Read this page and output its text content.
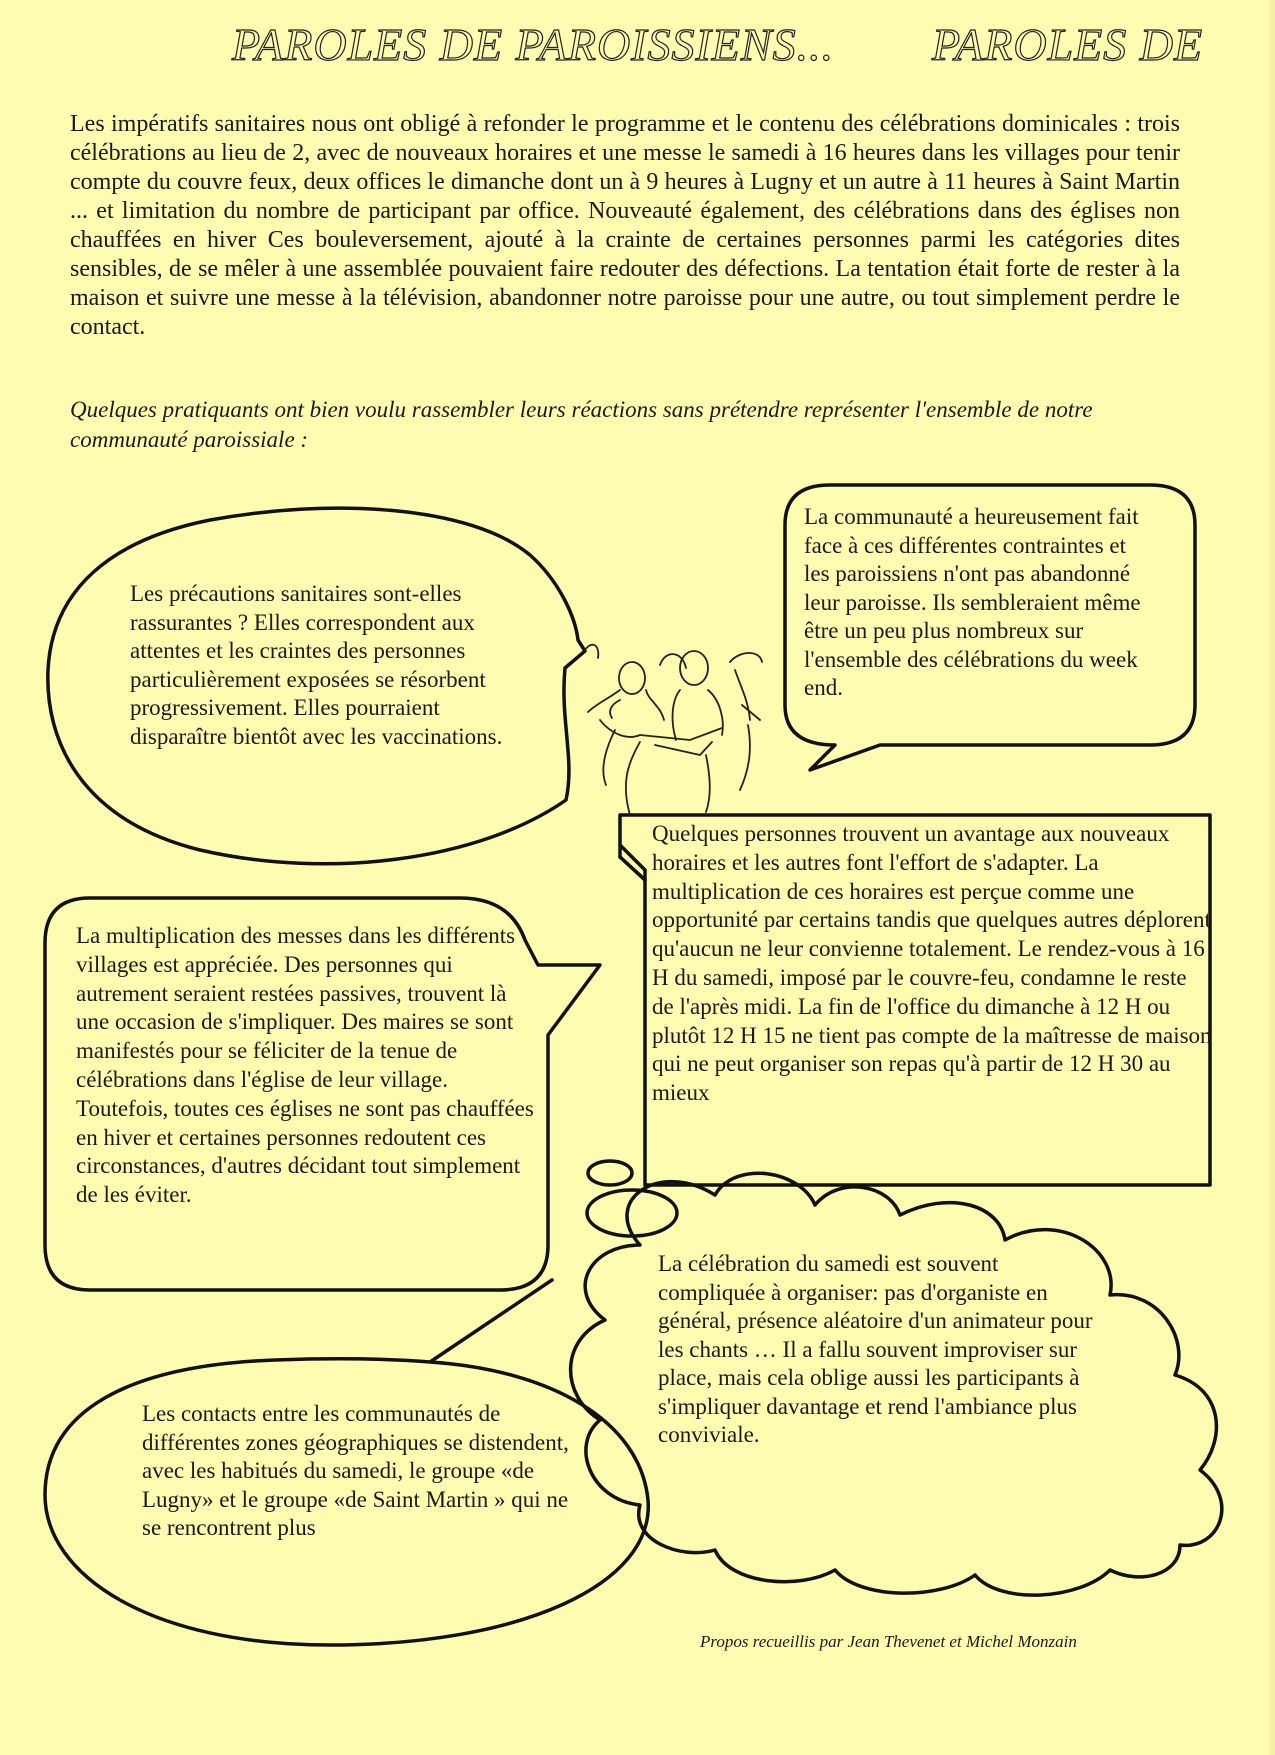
PAROLES DE PAROISSIENS... PAROLES DE
Les impératifs sanitaires nous ont obligé à refonder le programme et le contenu des célébrations dominicales : trois célébrations au lieu de 2, avec de nouveaux horaires et une messe le samedi à 16 heures dans les villages pour tenir compte du couvre feux, deux offices le dimanche dont un à 9 heures à Lugny et un autre à 11 heures à Saint Martin ... et limitation du nombre de participant par office. Nouveauté également, des célébrations dans des églises non chauffées en hiver Ces bouleversement, ajouté à la crainte de certaines personnes parmi les catégories dites sensibles, de se mêler à une assemblée pouvaient faire redouter des défections. La tentation était forte de rester à la maison et suivre une messe à la télévision, abandonner notre paroisse pour une autre, ou tout simplement perdre le contact.
Quelques pratiquants ont bien voulu rassembler leurs réactions sans prétendre représenter l'ensemble de notre communauté paroissiale :
Les précautions sanitaires sont-elles rassurantes ? Elles correspondent aux attentes et les craintes des personnes particulièrement exposées se résorbent progressivement. Elles pourraient disparaître bientôt avec les vaccinations.
La communauté a heureusement fait face à ces différentes contraintes et les paroissiens n'ont pas abandonné leur paroisse. Ils sembleraient même être un peu plus nombreux sur l'ensemble des célébrations du week end.
Quelques personnes trouvent un avantage aux nouveaux horaires et les autres font l'effort de s'adapter. La multiplication de ces horaires est perçue comme une opportunité par certains tandis que quelques autres déplorent qu'aucun ne leur convienne totalement. Le rendez-vous à 16 H du samedi, imposé par le couvre-feu, condamne le reste de l'après midi. La fin de l'office du dimanche à 12 H ou plutôt 12 H 15 ne tient pas compte de la maîtresse de maison qui ne peut organiser son repas qu'à partir de 12 H 30 au mieux
La multiplication des messes dans les différents villages est appréciée. Des personnes qui autrement seraient restées passives, trouvent là une occasion de s'impliquer. Des maires se sont manifestés pour se féliciter de la tenue de célébrations dans l'église de leur village. Toutefois, toutes ces églises ne sont pas chauffées en hiver et certaines personnes redoutent ces circonstances, d'autres décidant tout simplement de les éviter.
La célébration du samedi est souvent compliquée à organiser: pas d'organiste en général, présence aléatoire d'un animateur pour les chants … Il a fallu souvent improviser sur place, mais cela oblige aussi les participants à s'impliquer davantage et rend l'ambiance plus conviviale.
Les contacts entre les communautés de différentes zones géographiques se distendent, avec les habitués du samedi, le groupe «de Lugny» et le groupe «de Saint Martin » qui ne se rencontrent plus
Propos recueillis par Jean Thevenet et Michel Monzain
